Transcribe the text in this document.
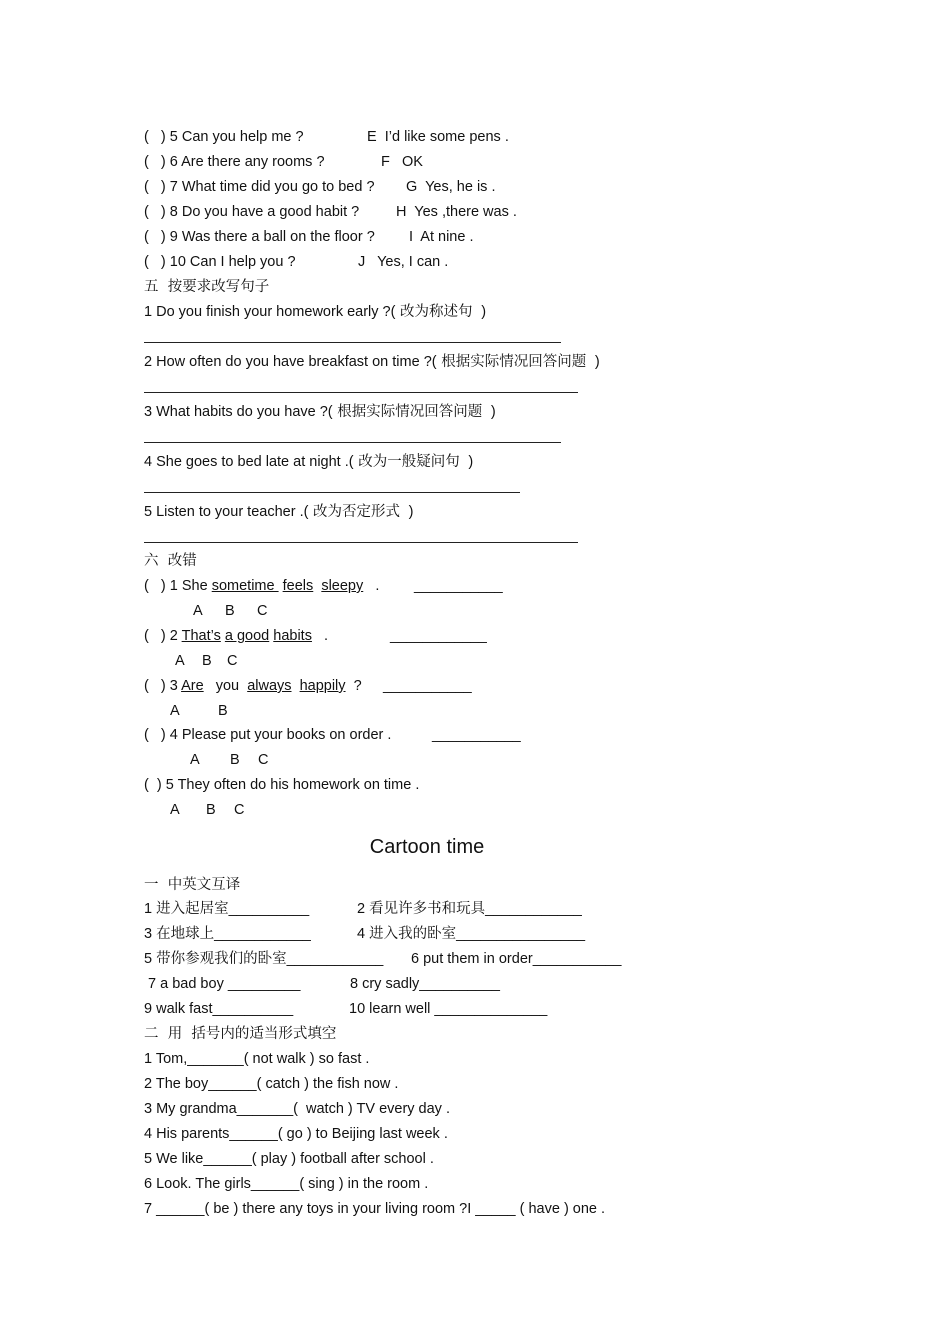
(   ) 5 Can you help me ?	E  I’d like some pens .
(   ) 6 Are there any rooms ?	F   OK
(   ) 7 What time did you go to bed ? G  Yes, he is .
(   ) 8 Do you have a good habit ?	H  Yes ,there was .
(   ) 9 Was there a ball on the floor ? I  At nine .
(   ) 10 Can I help you ?	J   Yes, I can .
五  按要求改写句子
1 Do you finish your homework early ?( 改为称述句  )
2 How often do you have breakfast on time ?( 根据实际情况回答问题  )
3 What habits do you have ?( 根据实际情况回答问题  )
4 She goes to bed late at night .( 改为一般疑问句  )
5 Listen to your teacher .( 改为否定形式  )
六  改错
(   ) 1 She sometime  feels sleepy   . ___________
A B C
(   ) 2 That’s a good habits   .	____________
A B C
(   ) 3 Are   you  always happily  ? ___________
A	B
(   ) 4 Please put your books on order .	___________
A B C
(  ) 5 They often do his homework on time .
A B C
Cartoon time
一  中英文互译
1 进入起居室__________	2 看见许多书和玩具____________
3 在地球上____________	4 进入我的卧室________________
5 带你参观我们的卧室____________ 6 put them in order___________
7 a bad boy _________	8 cry sadly__________
9 walk fast__________	10 learn well ______________
二  用  括号内的适当形式填空
1 Tom,_______( not walk ) so fast .
2 The boy______( catch ) the fish now .
3 My grandma_______(  watch ) TV every day .
4 His parents______( go ) to Beijing last week .
5 We like______( play ) football after school .
6 Look. The girls______( sing ) in the room .
7 ______( be ) there any toys in your living room ?I _____ ( have ) one .
